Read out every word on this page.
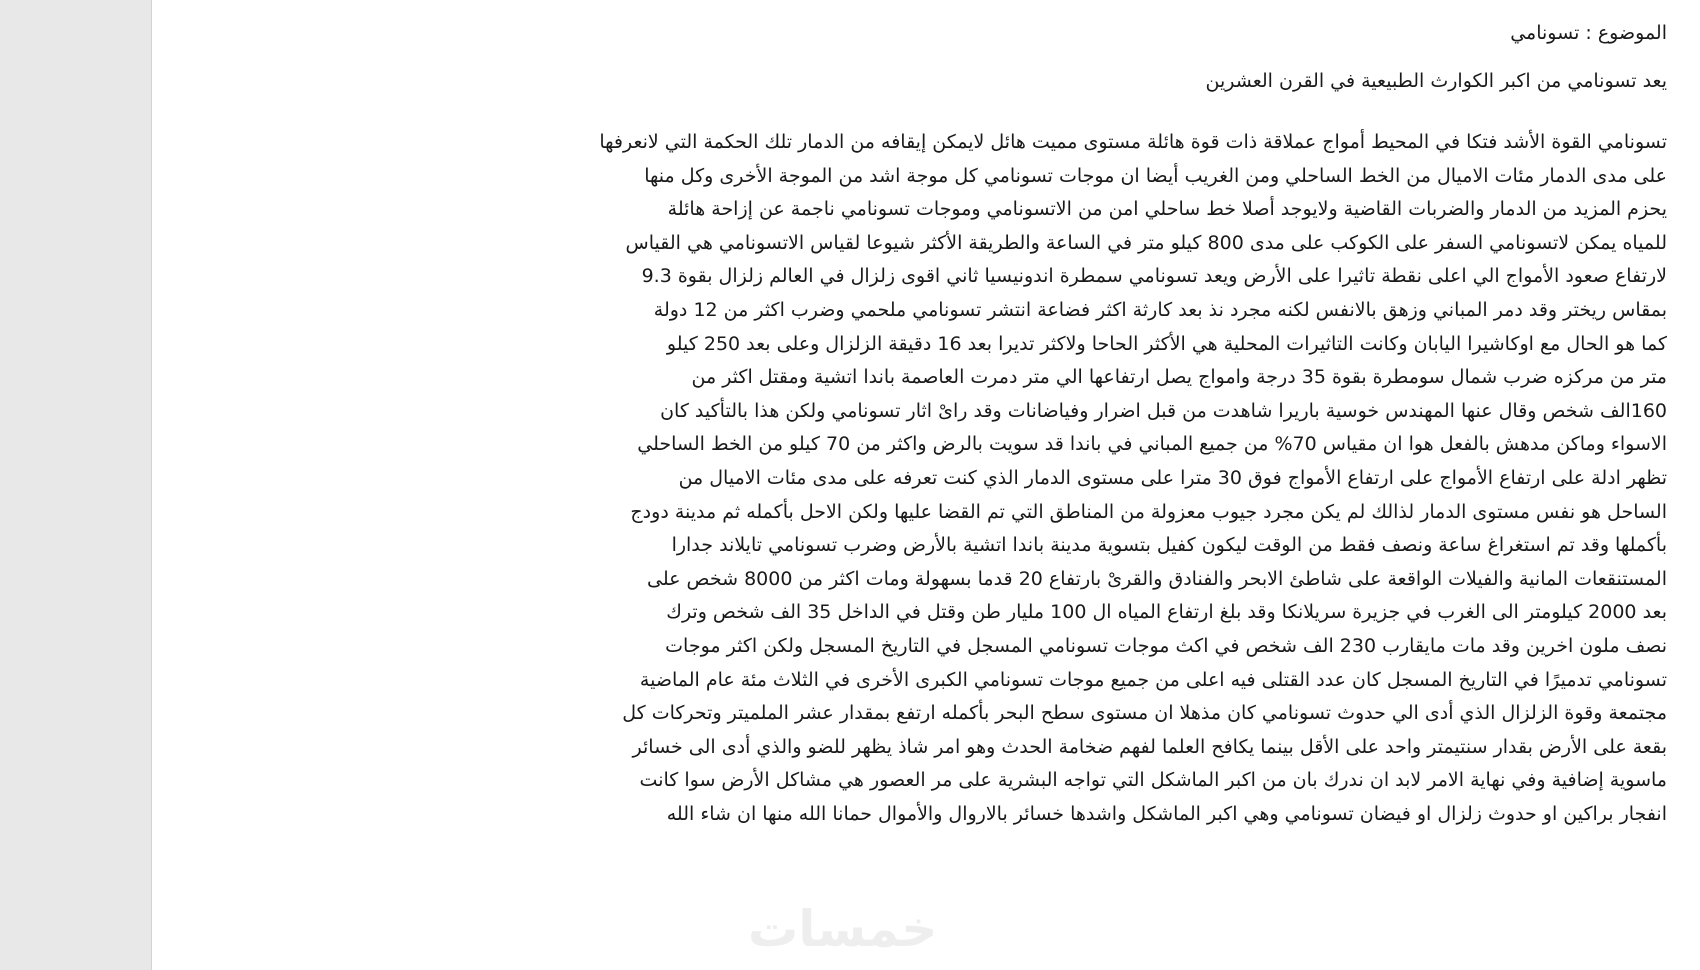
الموضوع : تسونامي
يعد تسونامي من اكبر الكوارث الطبيعية في القرن العشرين
تسونامي القوة الأشد فتكا في المحيط أمواج عملاقة ذات قوة هائلة مستوى مميت هائل لايمكن إيقافه من الدمار تلك الحكمة التي لانعرفها
على مدى الدمار مئات الاميال من الخط الساحلي ومن الغريب أيضا ان موجات تسونامي كل موجة اشد من الموجة الأخرى وكل منها
يحزم المزيد من الدمار والضربات القاضية ولايوجد أصلا خط ساحلي امن من الاتسونامي وموجات تسونامي ناجمة عن إزاحة هائلة
للمياه يمكن لاتسونامي السفر على الكوكب على مدى 800 كيلو متر في الساعة والطريقة الأكثر شيوعا لقياس الاتسونامي هي القياس
لارتفاع صعود الأمواج الي اعلى نقطة تاثيرا على الأرض ويعد تسونامي سمطرة اندونيسيا ثاني اقوى زلزال في العالم زلزال بقوة 9.3
بمقاس ريختر وقد دمر المباني وزهق بالانفس لكنه مجرد نذ بعد كارثة اكثر فضاعة انتشر تسونامي ملحمي وضرب اكثر من 12 دولة
كما هو الحال مع اوكاشيرا اليابان وكانت التاثيرات المحلية هي الأكثر الحاحا ولاكثر تديرا بعد 16 دقيقة الزلزال وعلى بعد 250 كيلو
متر من مركزه ضرب شمال سومطرة بقوة 35 درجة وامواج يصل ارتفاعها الي متر دمرت العاصمة باندا اتشية ومقتل اكثر من
160الف شخص وقال عنها المهندس خوسية باريرا شاهدت من قبل اضرار وفياضانات وقد راىْ اثار تسونامي ولكن هذا بالتأكيد كان
الاسواء وماكن مدهش بالفعل هوا ان مقياس 70% من جميع المباني في باندا قد سويت بالرض واكثر من 70 كيلو من الخط الساحلي
تظهر ادلة على ارتفاع الأمواج على ارتفاع الأمواج فوق 30 مترا على مستوى الدمار الذي كنت تعرفه على مدى مئات الاميال من
الساحل هو نفس مستوى الدمار لذالك لم يكن مجرد جيوب معزولة من المناطق التي تم القضا عليها ولكن الاحل بأكمله ثم مدينة دودج
بأكملها وقد تم استغراغ ساعة ونصف فقط من الوقت ليكون كفيل بتسوية مدينة باندا اتشية بالأرض وضرب تسونامي تايلاند جدارا
المستنقعات المانية والفيلات الواقعة على شاطئ الابحر والفنادق والقرىْ بارتفاع 20 قدما بسهولة ومات اكثر من 8000 شخص على
بعد 2000 كيلومتر الى الغرب في جزيرة سريلانكا وقد بلغ ارتفاع المياه ال 100 مليار طن وقتل في الداخل 35 الف شخص وترك
نصف ملون اخرين وقد مات مايقارب 230 الف شخص في اكث موجات تسونامي المسجل في التاريخ المسجل ولكن اكثر موجات
تسونامي تدميرًا في التاريخ المسجل كان عدد القتلى فيه اعلى من جميع موجات تسونامي الكبرى الأخرى في الثلاث مئة عام الماضية
مجتمعة وقوة الزلزال الذي أدى الي حدوث تسونامي كان مذهلا ان مستوى سطح البحر بأكمله ارتفع بمقدار عشر الملميتر وتحركات كل
بقعة على الأرض بقدار سنتيمتر واحد على الأقل بينما يكافح العلما لفهم ضخامة الحدث وهو امر شاذ يظهر للضو والذي أدى الى خسائر
ماسوية إضافية وفي نهاية الامر لابد ان ندرك بان من اكبر الماشكل التي تواجه البشرية على مر العصور هي مشاكل الأرض سوا كانت
انفجار براكين او حدوث زلزال او فيضان تسونامي وهي اكبر الماشكل واشدها خسائر بالاروال والأموال حمانا الله منها ان شاء الله
خمسات
